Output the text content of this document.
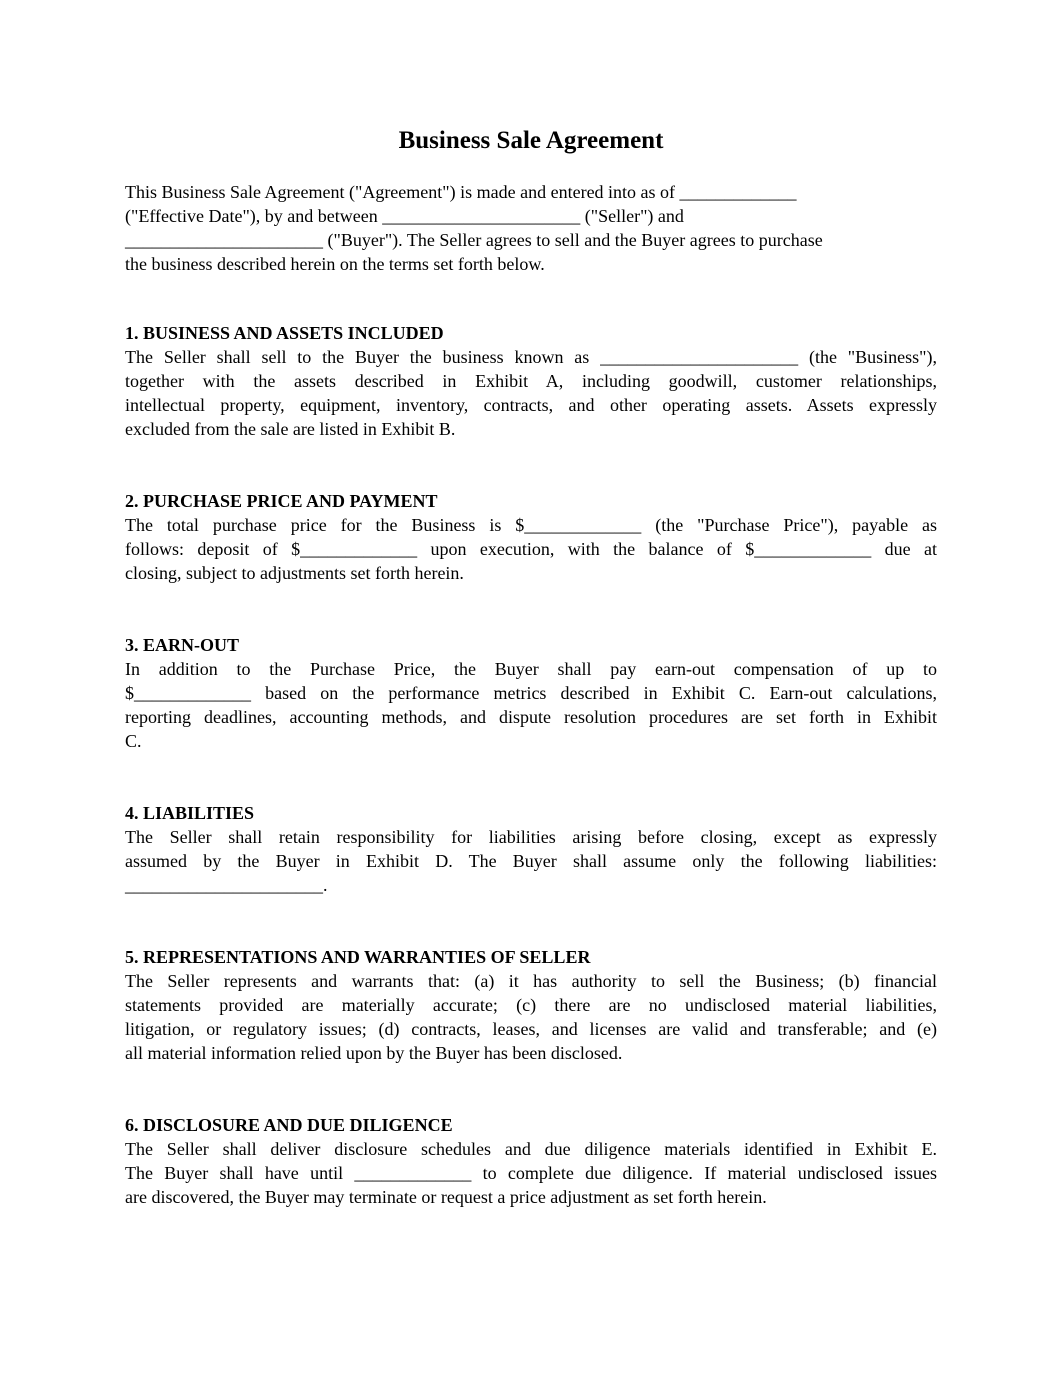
Business Sale Agreement
This Business Sale Agreement ("Agreement") is made and entered into as of _____________
("Effective Date"), by and between ______________________ ("Seller") and
______________________ ("Buyer"). The Seller agrees to sell and the Buyer agrees to purchase
the business described herein on the terms set forth below.
1. BUSINESS AND ASSETS INCLUDED

The Seller shall sell to the Buyer the business known as ______________________ (the "Business"),
together with the assets described in Exhibit A, including goodwill, customer relationships,
intellectual property, equipment, inventory, contracts, and other operating assets. Assets expressly
excluded from the sale are listed in Exhibit B.

2. PURCHASE PRICE AND PAYMENT

The total purchase price for the Business is $_____________ (the "Purchase Price"), payable as
follows: deposit of $_____________ upon execution, with the balance of $_____________ due at
closing, subject to adjustments set forth herein.

3. EARN-OUT

In addition to the Purchase Price, the Buyer shall pay earn-out compensation of up to
$_____________ based on the performance metrics described in Exhibit C. Earn-out calculations,
reporting deadlines, accounting methods, and dispute resolution procedures are set forth in Exhibit
C.

4. LIABILITIES

The Seller shall retain responsibility for liabilities arising before closing, except as expressly
assumed by the Buyer in Exhibit D. The Buyer shall assume only the following liabilities:
______________________.

5. REPRESENTATIONS AND WARRANTIES OF SELLER

The Seller represents and warrants that: (a) it has authority to sell the Business; (b) financial
statements provided are materially accurate; (c) there are no undisclosed material liabilities,
litigation, or regulatory issues; (d) contracts, leases, and licenses are valid and transferable; and (e)
all material information relied upon by the Buyer has been disclosed.

6. DISCLOSURE AND DUE DILIGENCE

The Seller shall deliver disclosure schedules and due diligence materials identified in Exhibit E.
The Buyer shall have until _____________ to complete due diligence. If material undisclosed issues
are discovered, the Buyer may terminate or request a price adjustment as set forth herein.
